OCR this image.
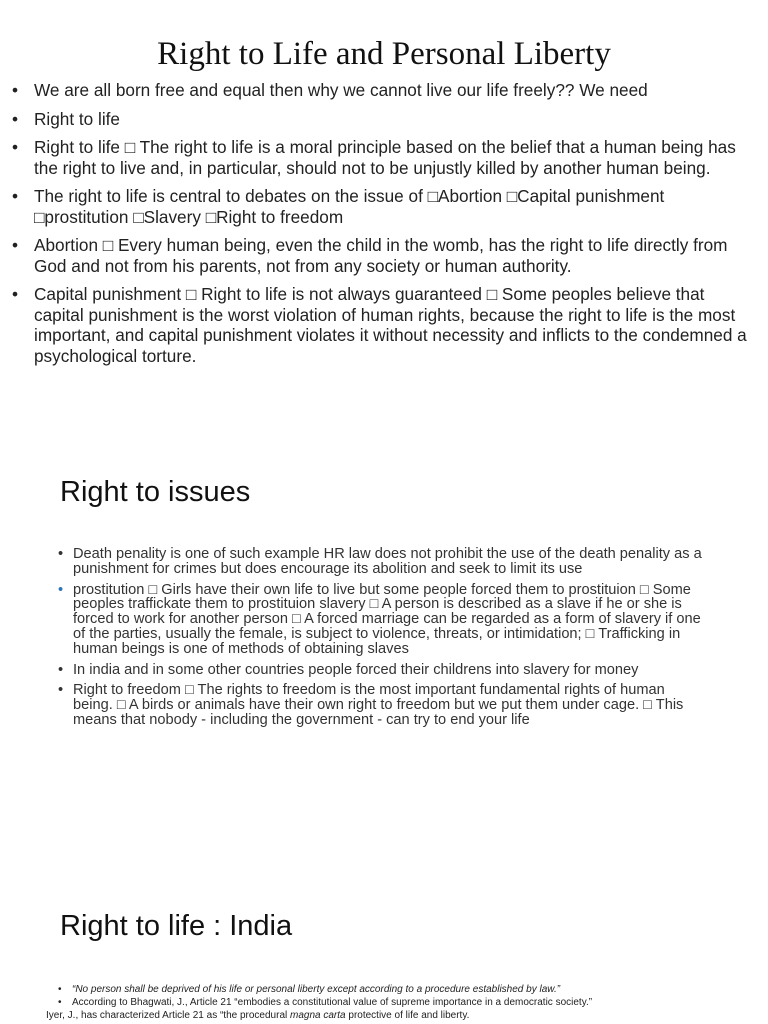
Right to Life and Personal Liberty
• We are all born free and equal then why we cannot live our life freely?? We need
• Right to life
• Right to life □ The right to life is a moral principle based on the belief that a human being has the right to live and, in particular, should not to be unjustly killed by another human being.
• The right to life is central to debates on the issue of □Abortion □Capital punishment □prostitution □Slavery □Right to freedom
• Abortion □ Every human being, even the child in the womb, has the right to life directly from God and not from his parents, not from any society or human authority.
• Capital punishment □ Right to life is not always guaranteed □ Some peoples believe that capital punishment is the worst violation of human rights, because the right to life is the most important, and capital punishment violates it without necessity and inflicts to the condemned a psychological torture.
Right to issues
• Death penality is one of such example HR law does not prohibit the use of the death penality as a punishment for crimes but does encourage its abolition and seek to limit its use
• prostitution □ Girls have their own life to live but some people forced them to prostituion □ Some peoples traffickate them to prostituion slavery □ A person is described as a slave if he or she is forced to work for another person □ A forced marriage can be regarded as a form of slavery if one of the parties, usually the female, is subject to violence, threats, or intimidation; □ Trafficking in human beings is one of methods of obtaining slaves
• In india and in some other countries people forced their childrens into slavery for money
• Right to freedom □ The rights to freedom is the most important fundamental rights of human being. □ A birds or animals have their own right to freedom but we put them under cage. □ This means that nobody - including the government - can try to end your life
Right to life : India
• “No person shall be deprived of his life or personal liberty except according to a procedure established by law.”
• According to Bhagwati, J., Article 21 “embodies a constitutional value of supreme importance in a democratic society.”
Iyer, J., has characterized Article 21 as “the procedural magna carta protective of life and liberty.
